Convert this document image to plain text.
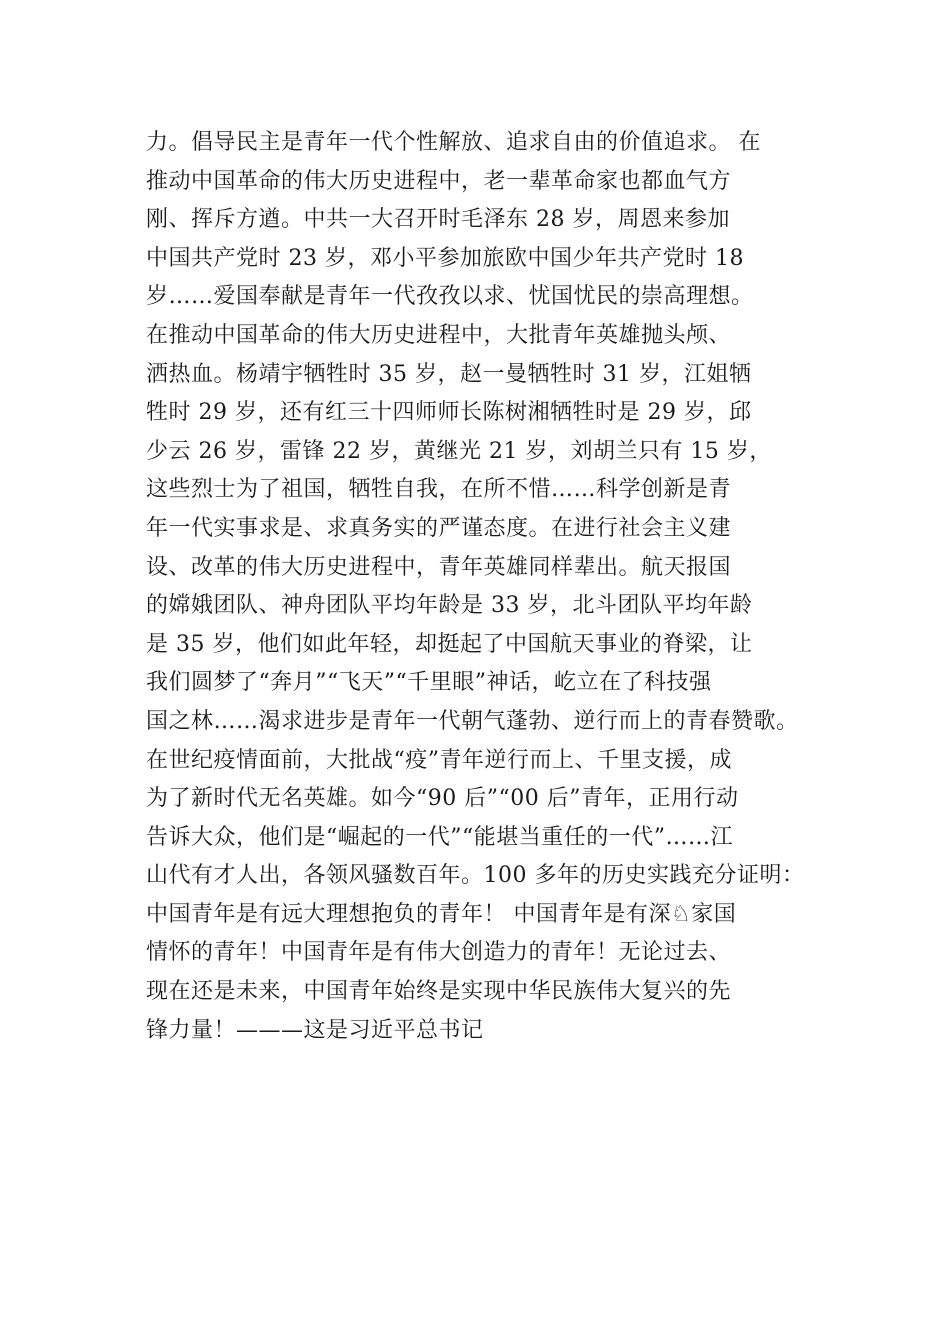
力。倡导民主是青年一代个性解放、追求自由的价值追求。 在
推动中国革命的伟大历史进程中，老一辈革命家也都血气方
刚、挥斥方遒。中共一大召开时毛泽东 28 岁，周恩来参加
中国共产党时 23 岁，邓小平参加旅欧中国少年共产党时 18
岁……爱国奉献是青年一代孜孜以求、忧国忧民的崇高理想。
在推动中国革命的伟大历史进程中，大批青年英雄抛头颅、
洒热血。杨靖宇牺牲时 35 岁，赵一曼牺牲时 31 岁，江姐牺
牲时 29 岁，还有红三十四师师长陈树湘牺牲时是 29 岁，邱
少云 26 岁，雷锋 22 岁，黄继光 21 岁，刘胡兰只有 15 岁，
这些烈士为了祖国，牺牲自我，在所不惜……科学创新是青
年一代实事求是、求真务实的严谨态度。在进行社会主义建
设、改革的伟大历史进程中，青年英雄同样辈出。航天报国
的嫦娥团队、神舟团队平均年龄是 33 岁，北斗团队平均年龄
是 35 岁，他们如此年轻，却挺起了中国航天事业的脊梁，让
我们圆梦了“奔月”“飞天”“千里眼”神话，屹立在了科技强
国之林……渴求进步是青年一代朝气蓬勃、逆行而上的青春赞歌。
在世纪疫情面前，大批战“疫”青年逆行而上、千里支援，成
为了新时代无名英雄。如今“90 后”“00 后”青年，正用行动
告诉大众，他们是“崛起的一代”“能堪当重任的一代”……江
山代有才人出，各领风骚数百年。100 多年的历史实践充分证明：
中国青年是有远大理想抱负的青年！ 中国青年是有深♘家国
情怀的青年！中国青年是有伟大创造力的青年！无论过去、
现在还是未来，中国青年始终是实现中华民族伟大复兴的先
锋力量！———这是习近平总书记
